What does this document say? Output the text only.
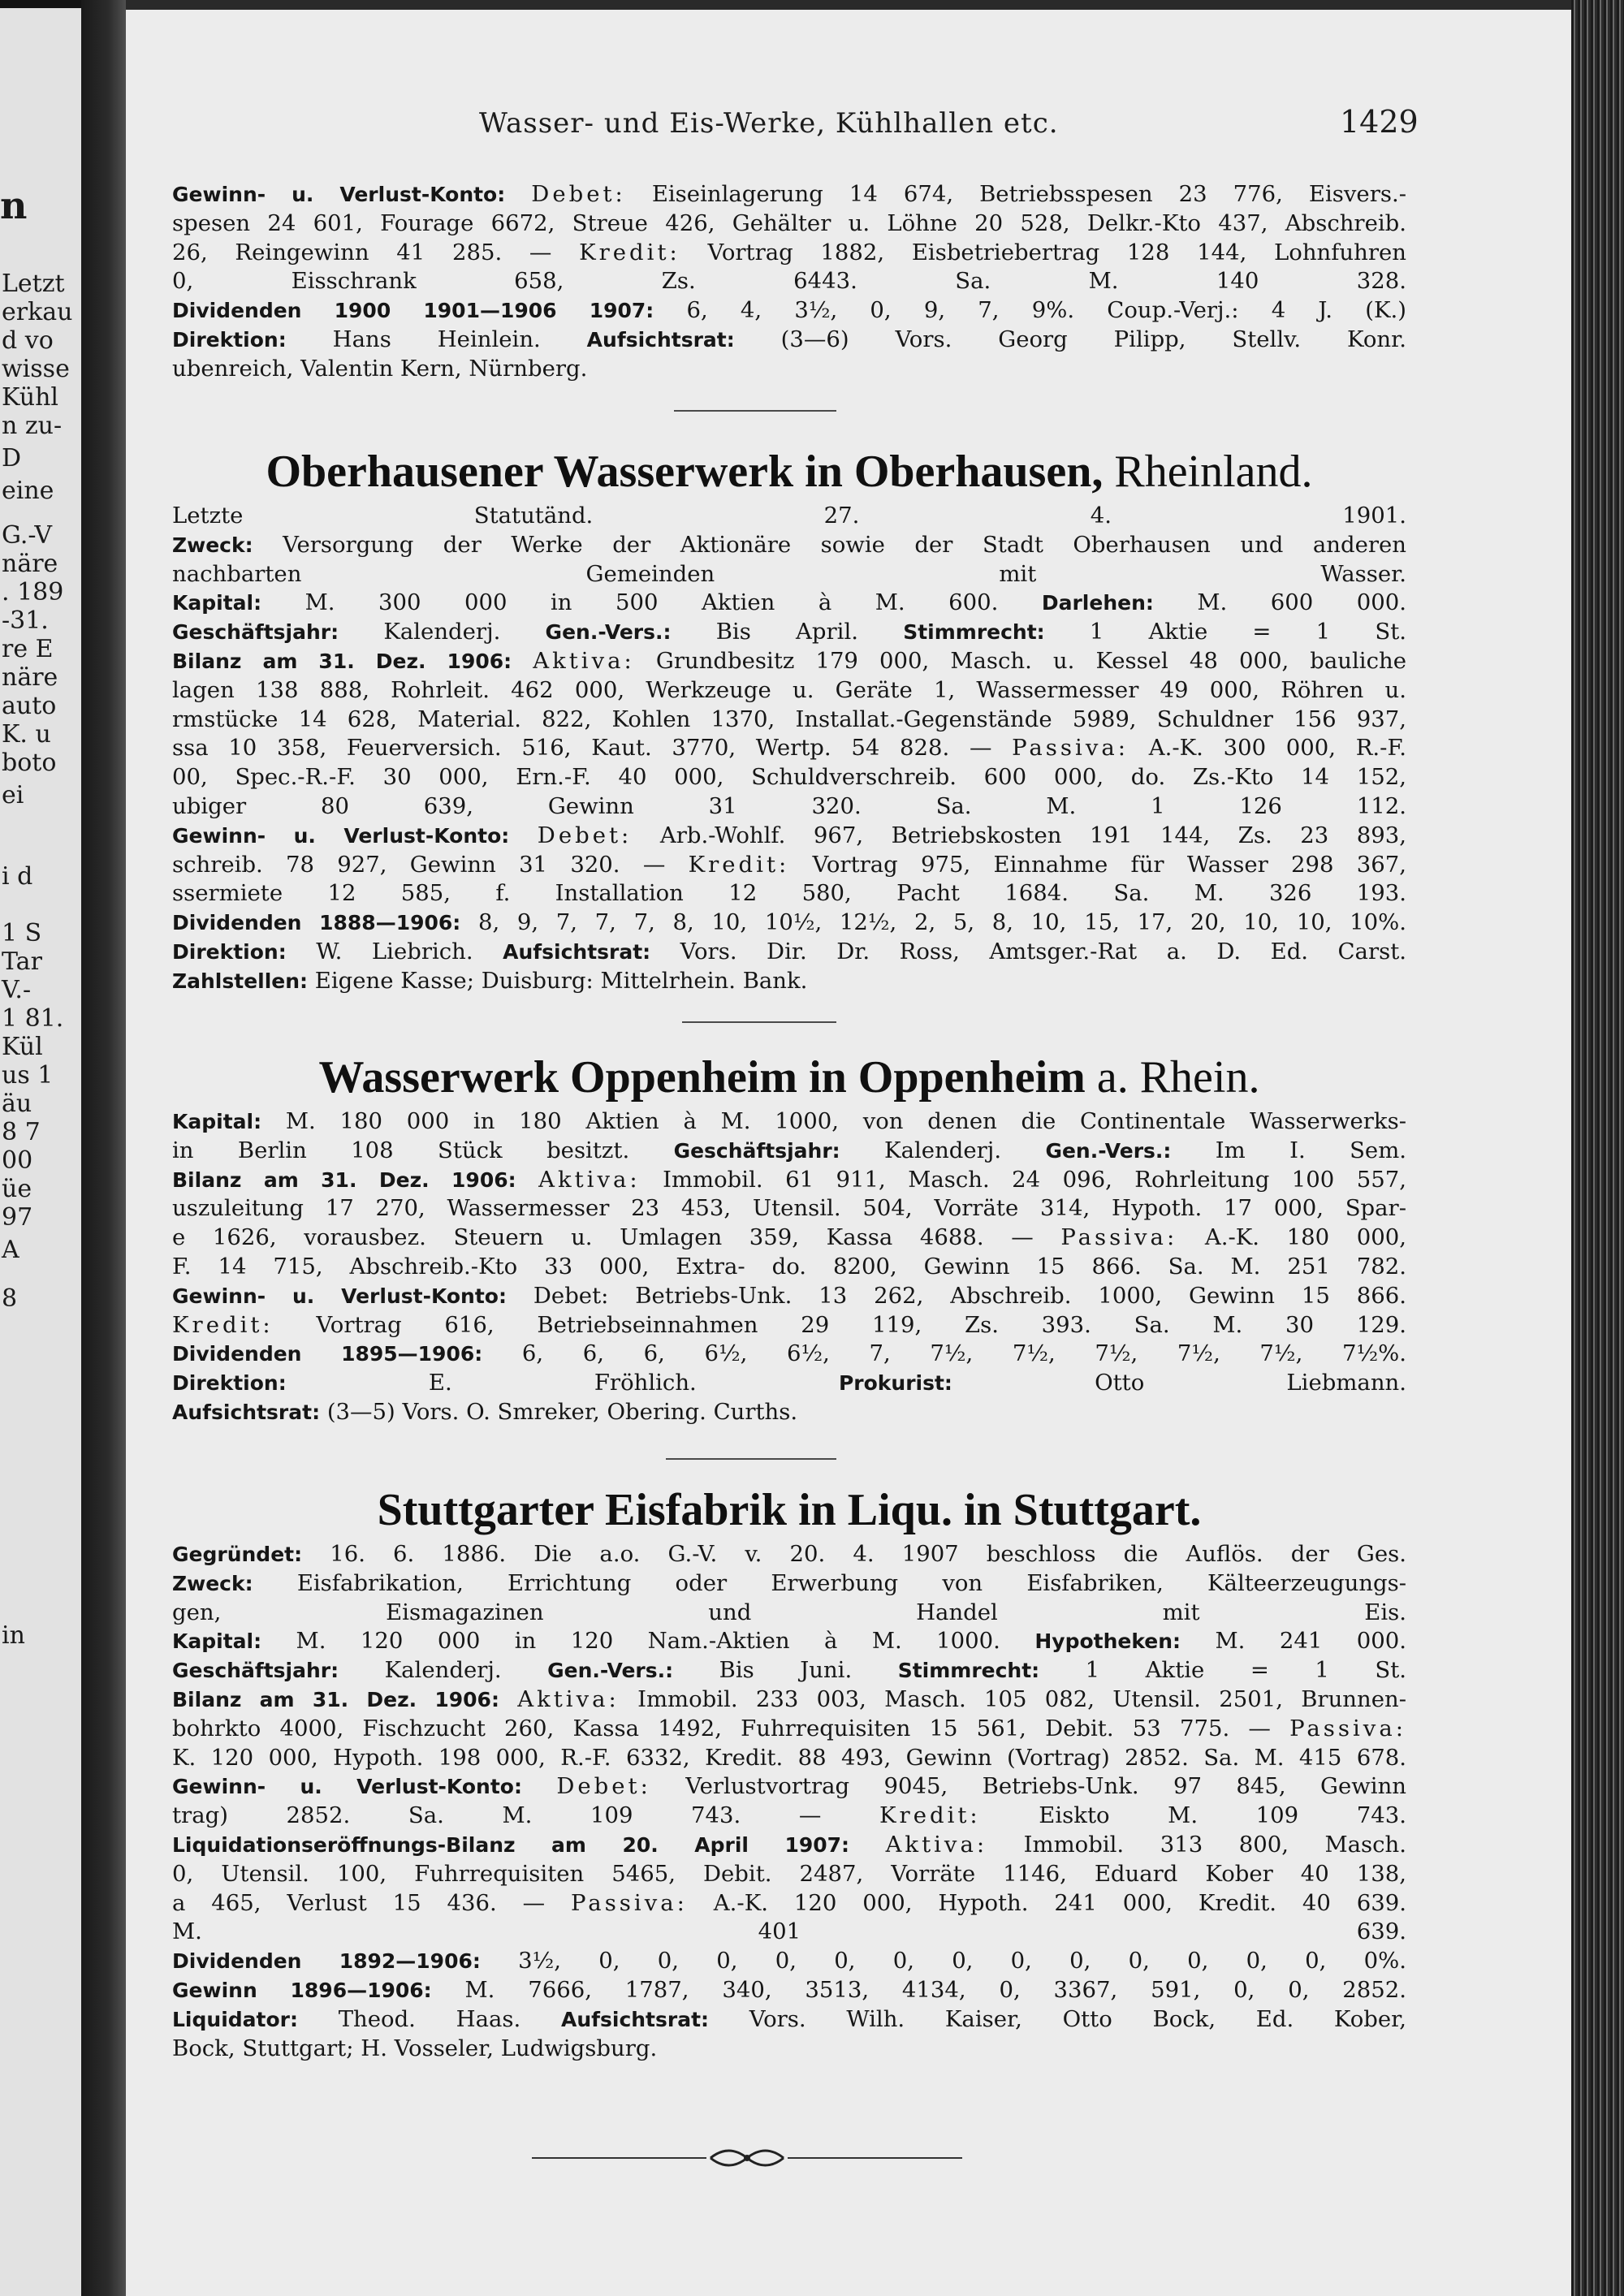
n
Letzt
erkau
d vo
wisse
Kühl
n zu-
D
eine
G.-V
näre
. 189
-31.
re E
näre
auto
K. u
boto
ei
i d
1 S
Tar
V.-
1 81.
Kül
us 1
äu
8 7
00
üe
97
A
8
in
Wasser- und Eis-Werke, Kühlhallen etc.	1429
Gewinn- u. Verlust-Konto: Debet: Eiseinlagerung 14 674, Betriebsspesen 23 776, Eisvers.-
spesen 24 601, Fourage 6672, Streue 426, Gehälter u. Löhne 20 528, Delkr.-Kto 437, Abschreib.
26, Reingewinn 41 285. — Kredit: Vortrag 1882, Eisbetriebertrag 128 144, Lohnfuhren
0, Eisschrank 658, Zs. 6443. Sa. M. 140 328.
Dividenden 1900 1901—1906 1907: 6, 4, 3½, 0, 9, 7, 9%. Coup.-Verj.: 4 J. (K.)
Direktion: Hans Heinlein. Aufsichtsrat: (3—6) Vors. Georg Pilipp, Stellv. Konr.
ubenreich, Valentin Kern, Nürnberg.
Oberhausener Wasserwerk in Oberhausen, Rheinland.
Letzte Statutänd. 27. 4. 1901.
Zweck: Versorgung der Werke der Aktionäre sowie der Stadt Oberhausen und anderen
nachbarten Gemeinden mit Wasser.
Kapital: M. 300 000 in 500 Aktien à M. 600. Darlehen: M. 600 000.
Geschäftsjahr: Kalenderj. Gen.-Vers.: Bis April. Stimmrecht: 1 Aktie = 1 St.
Bilanz am 31. Dez. 1906: Aktiva: Grundbesitz 179 000, Masch. u. Kessel 48 000, bauliche
lagen 138 888, Rohrleit. 462 000, Werkzeuge u. Geräte 1, Wassermesser 49 000, Röhren u.
rmstücke 14 628, Material. 822, Kohlen 1370, Installat.-Gegenstände 5989, Schuldner 156 937,
ssa 10 358, Feuerversich. 516, Kaut. 3770, Wertp. 54 828. — Passiva: A.-K. 300 000, R.-F.
00, Spec.-R.-F. 30 000, Ern.-F. 40 000, Schuldverschreib. 600 000, do. Zs.-Kto 14 152,
ubiger 80 639, Gewinn 31 320. Sa. M. 1 126 112.
Gewinn- u. Verlust-Konto: Debet: Arb.-Wohlf. 967, Betriebskosten 191 144, Zs. 23 893,
schreib. 78 927, Gewinn 31 320. — Kredit: Vortrag 975, Einnahme für Wasser 298 367,
ssermiete 12 585, f. Installation 12 580, Pacht 1684. Sa. M. 326 193.
Dividenden 1888—1906: 8, 9, 7, 7, 7, 8, 10, 10½, 12½, 2, 5, 8, 10, 15, 17, 20, 10, 10, 10%.
Direktion: W. Liebrich. Aufsichtsrat: Vors. Dir. Dr. Ross, Amtsger.-Rat a. D. Ed. Carst.
Zahlstellen: Eigene Kasse; Duisburg: Mittelrhein. Bank.
Wasserwerk Oppenheim in Oppenheim a. Rhein.
Kapital: M. 180 000 in 180 Aktien à M. 1000, von denen die Continentale Wasserwerks-
in Berlin 108 Stück besitzt. Geschäftsjahr: Kalenderj. Gen.-Vers.: Im I. Sem.
Bilanz am 31. Dez. 1906: Aktiva: Immobil. 61 911, Masch. 24 096, Rohrleitung 100 557,
uszuleitung 17 270, Wassermesser 23 453, Utensil. 504, Vorräte 314, Hypoth. 17 000, Spar-
e 1626, vorausbez. Steuern u. Umlagen 359, Kassa 4688. — Passiva: A.-K. 180 000,
F. 14 715, Abschreib.-Kto 33 000, Extra- do. 8200, Gewinn 15 866. Sa. M. 251 782.
Gewinn- u. Verlust-Konto: Debet: Betriebs-Unk. 13 262, Abschreib. 1000, Gewinn 15 866.
Kredit: Vortrag 616, Betriebseinnahmen 29 119, Zs. 393. Sa. M. 30 129.
Dividenden 1895—1906: 6, 6, 6, 6½, 6½, 7, 7½, 7½, 7½, 7½, 7½, 7½%.
Direktion: E. Fröhlich. Prokurist: Otto Liebmann.
Aufsichtsrat: (3—5) Vors. O. Smreker, Obering. Curths.
Stuttgarter Eisfabrik in Liqu. in Stuttgart.
Gegründet: 16. 6. 1886. Die a.o. G.-V. v. 20. 4. 1907 beschloss die Auflös. der Ges.
Zweck: Eisfabrikation, Errichtung oder Erwerbung von Eisfabriken, Kälteerzeugungs-
gen, Eismagazinen und Handel mit Eis.
Kapital: M. 120 000 in 120 Nam.-Aktien à M. 1000. Hypotheken: M. 241 000.
Geschäftsjahr: Kalenderj. Gen.-Vers.: Bis Juni. Stimmrecht: 1 Aktie = 1 St.
Bilanz am 31. Dez. 1906: Aktiva: Immobil. 233 003, Masch. 105 082, Utensil. 2501, Brunnen-
bohrkto 4000, Fischzucht 260, Kassa 1492, Fuhrrequisiten 15 561, Debit. 53 775. — Passiva:
K. 120 000, Hypoth. 198 000, R.-F. 6332, Kredit. 88 493, Gewinn (Vortrag) 2852. Sa. M. 415 678.
Gewinn- u. Verlust-Konto: Debet: Verlustvortrag 9045, Betriebs-Unk. 97 845, Gewinn
trag) 2852. Sa. M. 109 743. — Kredit: Eiskto M. 109 743.
Liquidationseröffnungs-Bilanz am 20. April 1907: Aktiva: Immobil. 313 800, Masch.
0, Utensil. 100, Fuhrrequisiten 5465, Debit. 2487, Vorräte 1146, Eduard Kober 40 138,
a 465, Verlust 15 436. — Passiva: A.-K. 120 000, Hypoth. 241 000, Kredit. 40 639.
M. 401 639.
Dividenden 1892—1906: 3½, 0, 0, 0, 0, 0, 0, 0, 0, 0, 0, 0, 0, 0, 0%.
Gewinn 1896—1906: M. 7666, 1787, 340, 3513, 4134, 0, 3367, 591, 0, 0, 2852.
Liquidator: Theod. Haas. Aufsichtsrat: Vors. Wilh. Kaiser, Otto Bock, Ed. Kober,
Bock, Stuttgart; H. Vosseler, Ludwigsburg.
